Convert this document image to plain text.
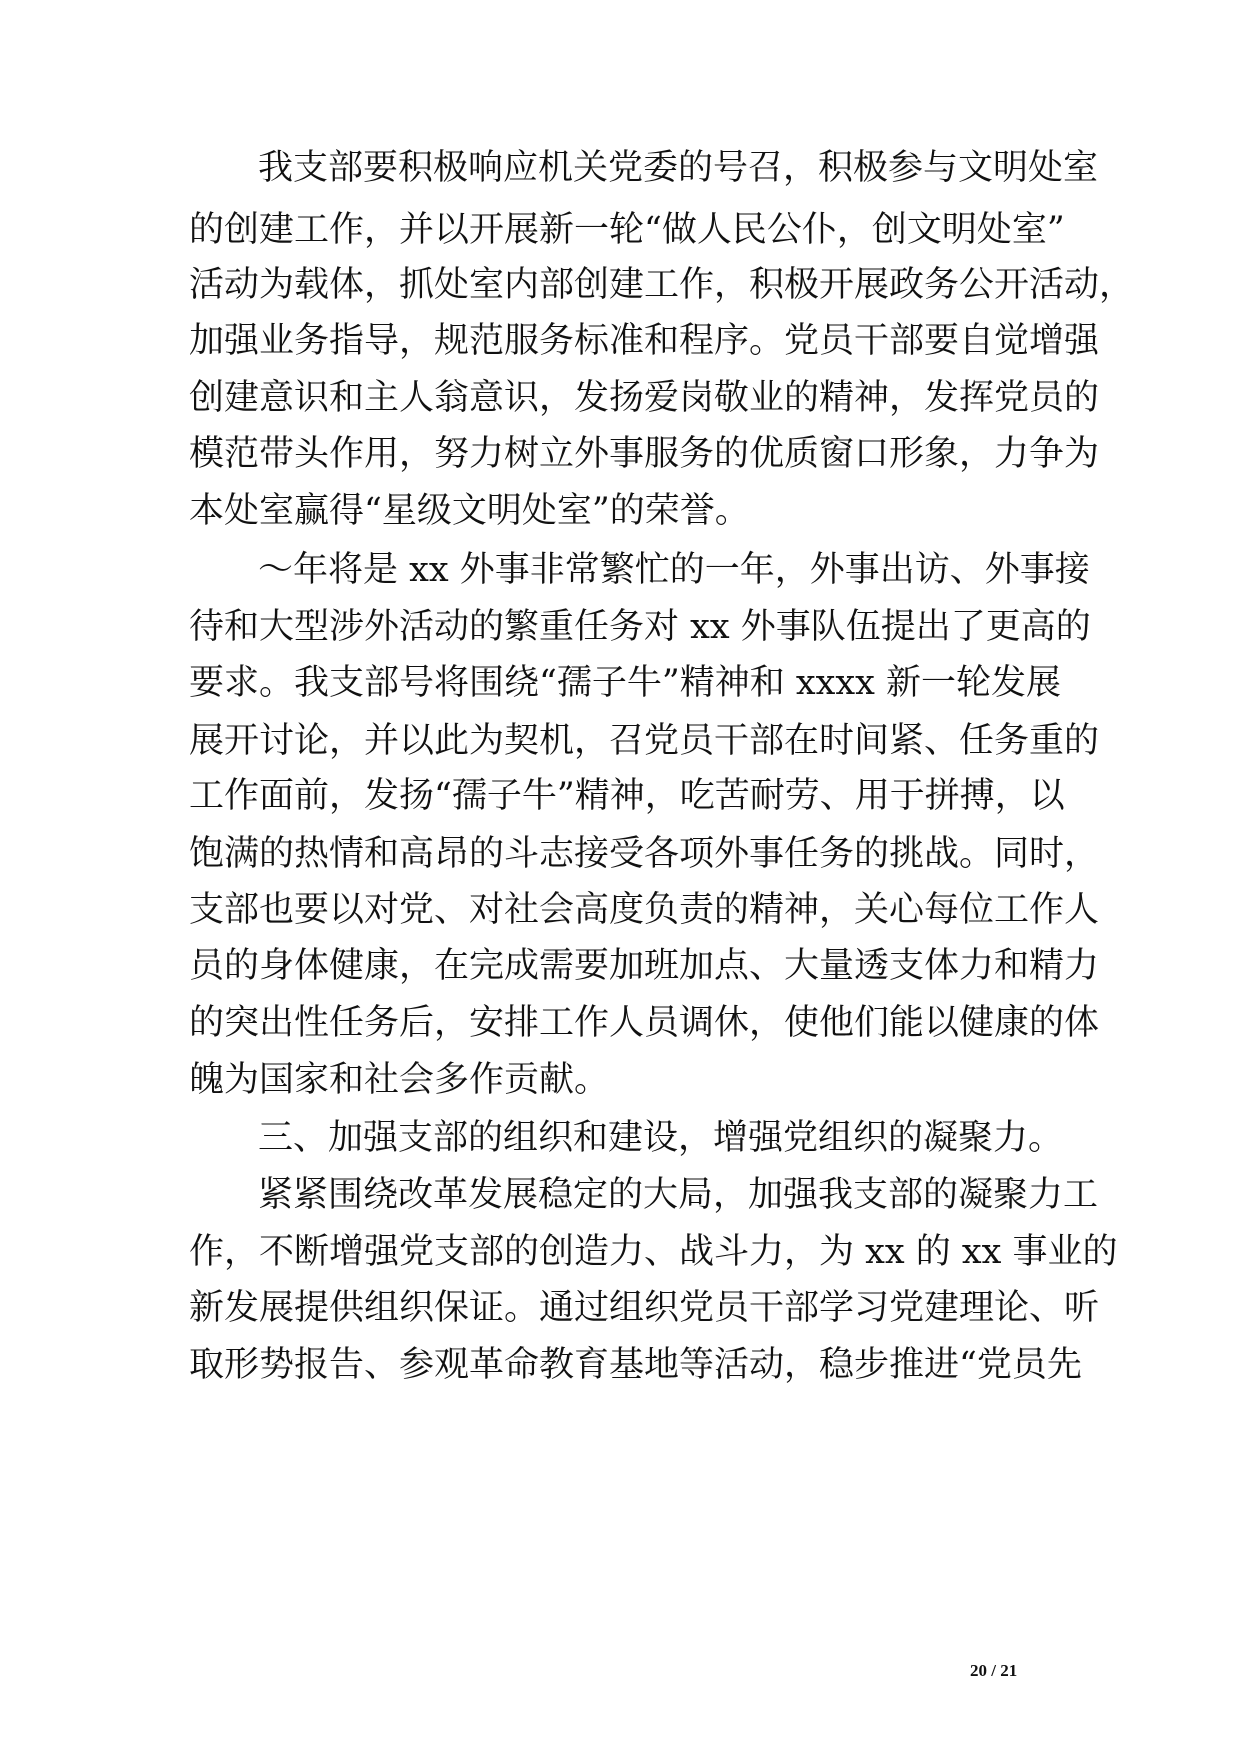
我支部要积极响应机关党委的号召，积极参与文明处室
的创建工作，并以开展新一轮“做人民公仆，创文明处室”
活动为载体，抓处室内部创建工作，积极开展政务公开活动，
加强业务指导，规范服务标准和程序。党员干部要自觉增强
创建意识和主人翁意识，发扬爱岗敬业的精神，发挥党员的
模范带头作用，努力树立外事服务的优质窗口形象，力争为
本处室赢得“星级文明处室”的荣誉。
～年将是 xx 外事非常繁忙的一年，外事出访、外事接
待和大型涉外活动的繁重任务对 xx 外事队伍提出了更高的
要求。我支部号将围绕“孺子牛”精神和 xxxx 新一轮发展
展开讨论，并以此为契机，召党员干部在时间紧、任务重的
工作面前，发扬“孺子牛”精神，吃苦耐劳、用于拼搏，以
饱满的热情和高昂的斗志接受各项外事任务的挑战。同时，
支部也要以对党、对社会高度负责的精神，关心每位工作人
员的身体健康，在完成需要加班加点、大量透支体力和精力
的突出性任务后，安排工作人员调休，使他们能以健康的体
魄为国家和社会多作贡献。
三、加强支部的组织和建设，增强党组织的凝聚力。
紧紧围绕改革发展稳定的大局，加强我支部的凝聚力工
作，不断增强党支部的创造力、战斗力，为 xx 的 xx 事业的
新发展提供组织保证。通过组织党员干部学习党建理论、听
取形势报告、参观革命教育基地等活动，稳步推进“党员先
20 / 21
